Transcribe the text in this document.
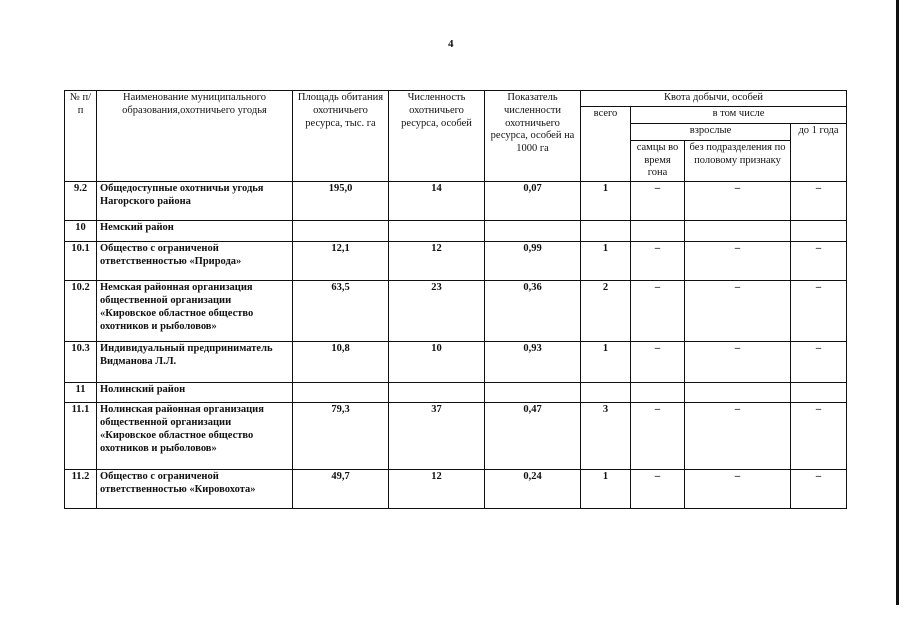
4
№ п/п	Наименование муниципального образования,охотничьего угодья	Площадь обитания охотничьего ресурса, тыс. га	Численность охотничьего ресурса, особей	Показатель численности охотничьего ресурса, особей на 1000 га	Квота добычи, особей			
					всего	в том числе		
						взрослые		до 1 года
						самцы во время гона	без подразделения по половому признаку	
9.2	Общедоступные охотничьи угодья Нагорского района	195,0	14	0,07	1	–	–	–
10	Немский район							
10.1	Общество с ограниченой ответственностью «Природа»	12,1	12	0,99	1	–	–	–
10.2	Немская районная организация общественной организации «Кировское областное общество охотников и рыболовов»	63,5	23	0,36	2	–	–	–
10.3	Индивидуальный предприниматель Видманова Л.Л.	10,8	10	0,93	1	–	–	–
11	Нолинский район							
11.1	Нолинская районная организация общественной организации «Кировское областное общество охотников и рыболовов»	79,3	37	0,47	3	–	–	–
11.2	Общество с ограниченой ответственностью «Кировохота»	49,7	12	0,24	1	–	–	–
